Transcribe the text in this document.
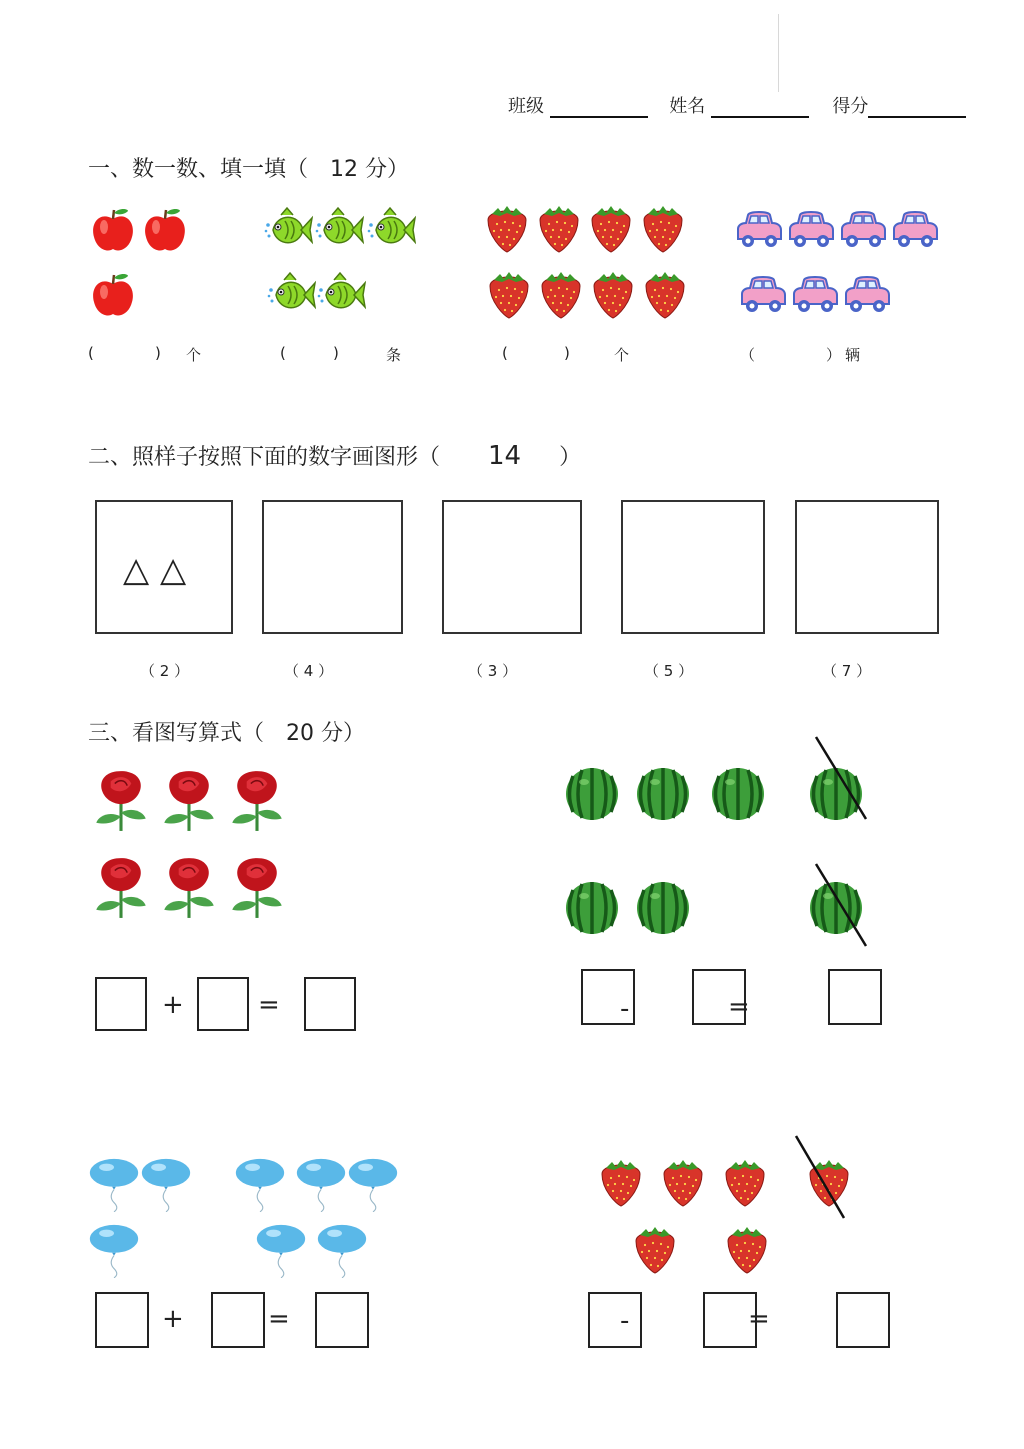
班级	姓名	得分
一、数一数、填一填（ 12 分）
(	) 个	(	)	条	(	)	个	（	） 辆
二、照样子按照下面的数字画图形（ 14 ）
△ △
（ 2 ）	（ 4 ）	（ 3 ）	（ 5 ）	（ 7 ）
三、看图写算式（ 20 分）
+	=	-	=
+	=	-	=
